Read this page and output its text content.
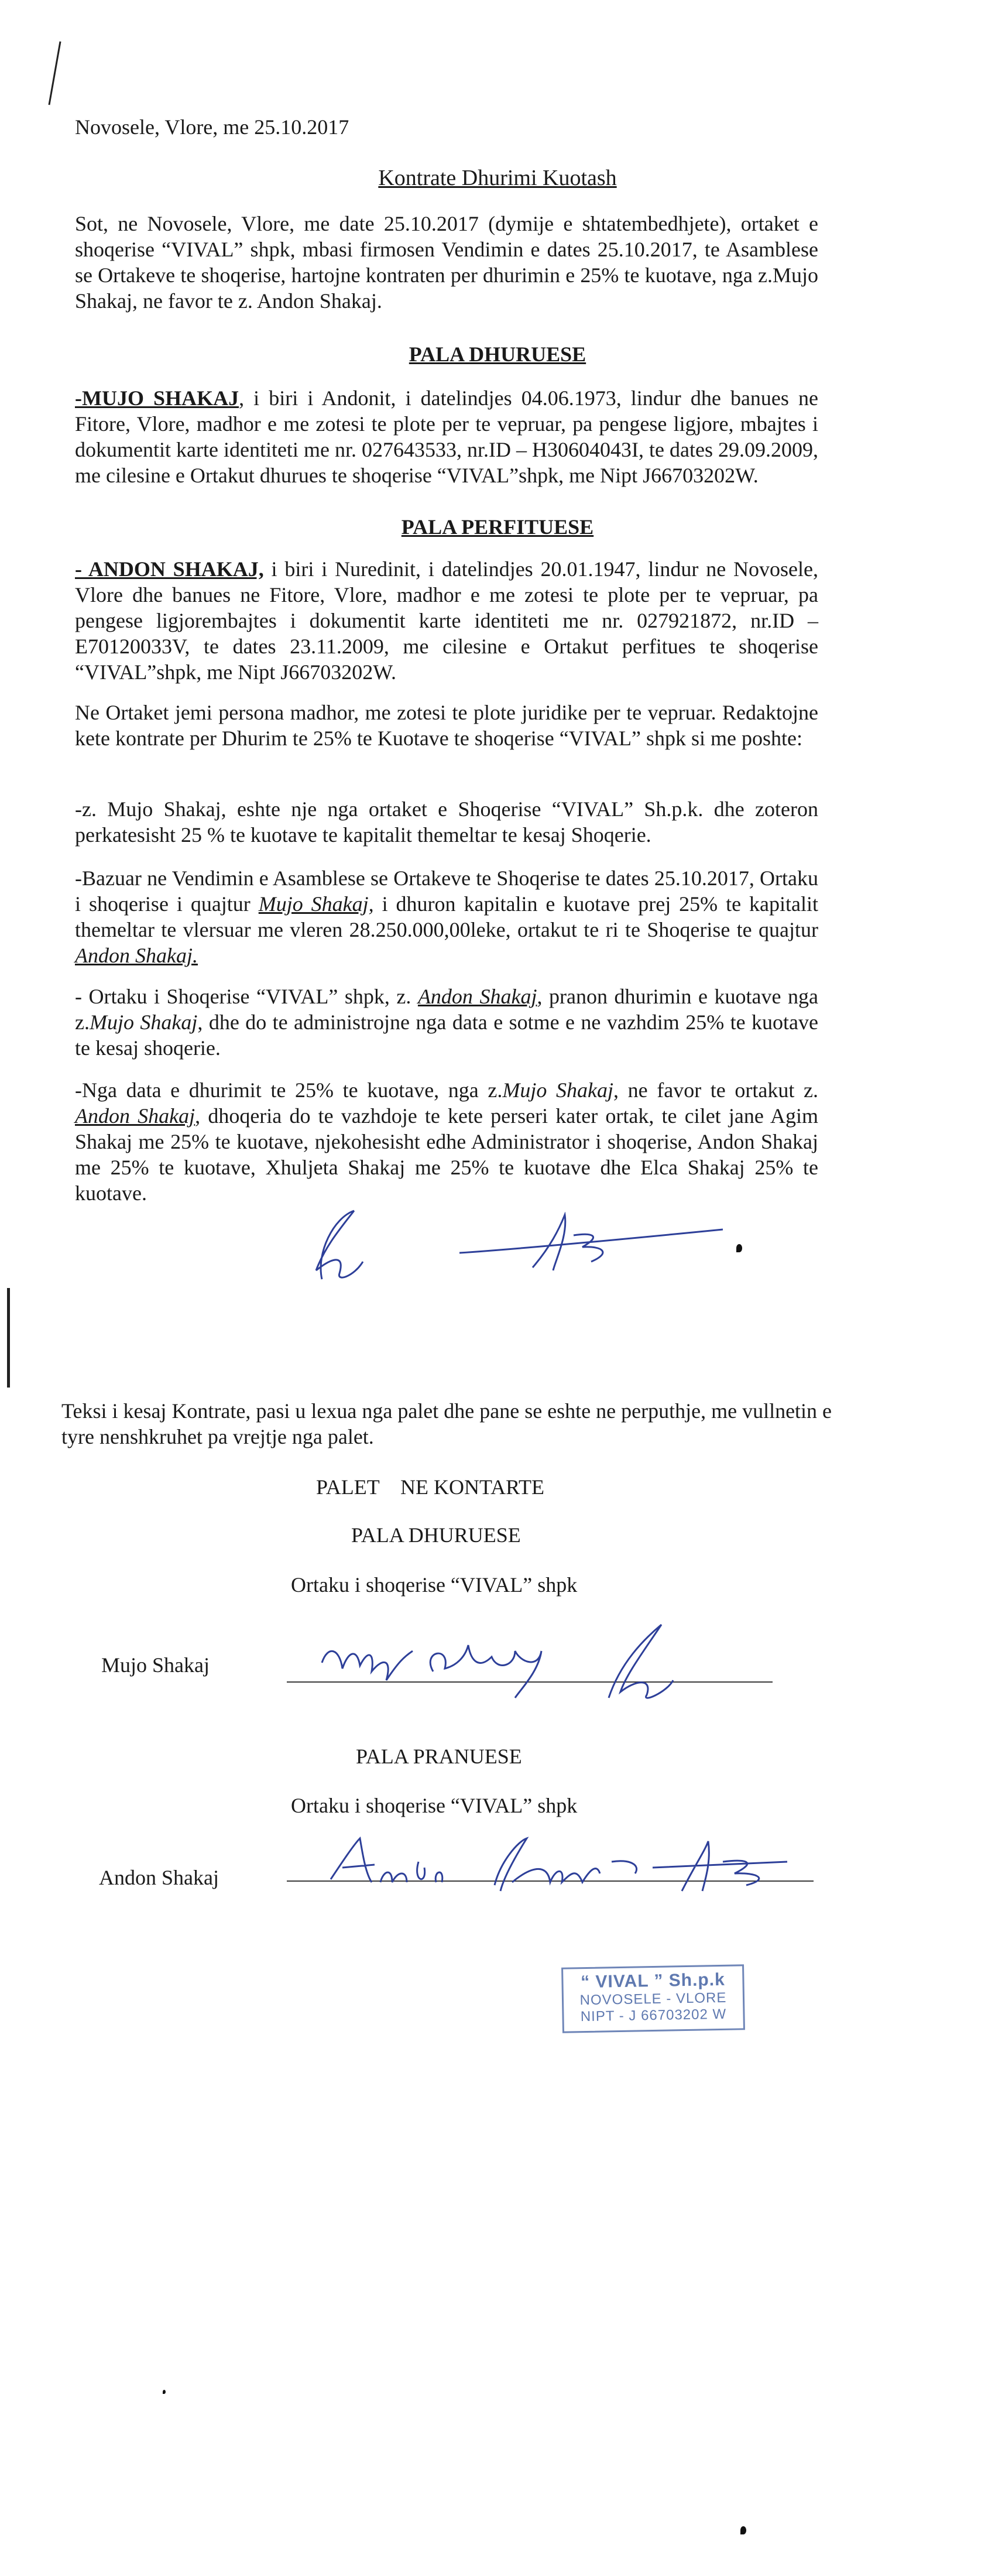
Novosele, Vlore, me 25.10.2017

Kontrate Dhurimi Kuotash

Sot, ne Novosele, Vlore, me date 25.10.2017 (dymije e shtatembedhjete), ortaket e shoqerise “VIVAL” shpk, mbasi firmosen Vendimin e dates 25.10.2017, te Asamblese se Ortakeve te shoqerise, hartojne kontraten per dhurimin e 25% te kuotave, nga z.Mujo Shakaj, ne favor te z. Andon Shakaj.

PALA DHURUESE

-MUJO SHAKAJ, i biri i Andonit, i datelindjes 04.06.1973, lindur dhe banues ne Fitore, Vlore, madhor e me zotesi te plote per te vepruar, pa pengese ligjore, mbajtes i dokumentit karte identiteti me nr. 027643533, nr.ID – H30604043I, te dates 29.09.2009, me cilesine e Ortakut dhurues te shoqerise “VIVAL”shpk, me Nipt J66703202W.

PALA PERFITUESE

- ANDON SHAKAJ, i biri i Nuredinit, i datelindjes 20.01.1947, lindur ne Novosele, Vlore dhe banues ne Fitore, Vlore, madhor e me zotesi te plote per te vepruar, pa pengese ligjorembajtes i dokumentit karte identiteti me nr. 027921872, nr.ID – E70120033V, te dates 23.11.2009, me cilesine e Ortakut perfitues te shoqerise “VIVAL”shpk, me Nipt J66703202W.

Ne Ortaket jemi persona madhor, me zotesi te plote juridike per te vepruar. Redaktojne kete kontrate per Dhurim te 25% te Kuotave te shoqerise “VIVAL” shpk si me poshte:

-z. Mujo Shakaj, eshte nje nga ortaket e Shoqerise “VIVAL” Sh.p.k. dhe zoteron perkatesisht 25 % te kuotave te kapitalit themeltar te kesaj Shoqerie.

-Bazuar ne Vendimin e Asamblese se Ortakeve te Shoqerise te dates 25.10.2017, Ortaku i shoqerise i quajtur Mujo Shakaj, i dhuron kapitalin e kuotave prej 25% te kapitalit themeltar te vlersuar me vleren 28.250.000,00leke, ortakut te ri te Shoqerise te quajtur Andon Shakaj.

- Ortaku i Shoqerise “VIVAL” shpk, z. Andon Shakaj, pranon dhurimin e kuotave nga z.Mujo Shakaj, dhe do te administrojne nga data e sotme e ne vazhdim 25% te kuotave te kesaj shoqerie.

-Nga data e dhurimit te 25% te kuotave, nga z.Mujo Shakaj, ne favor te ortakut z. Andon Shakaj, dhoqeria do te vazhdoje te kete perseri kater ortak, te cilet jane Agim Shakaj me 25% te kuotave, njekohesisht edhe Administrator i shoqerise, Andon Shakaj me 25% te kuotave, Xhuljeta Shakaj me 25% te kuotave dhe Elca Shakaj 25% te kuotave.

Teksi i kesaj Kontrate, pasi u lexua nga palet dhe pane se eshte ne perputhje, me vullnetin e tyre nenshkruhet pa vrejtje nga palet.

PALET    NE KONTARTE

PALA DHURUESE

Ortaku i shoqerise “VIVAL” shpk

Mujo Shakaj

PALA PRANUESE

Ortaku i shoqerise “VIVAL” shpk

Andon Shakaj

“ VIVAL ” Sh.p.k
NOVOSELE - VLORE
NIPT - J 66703202 W
